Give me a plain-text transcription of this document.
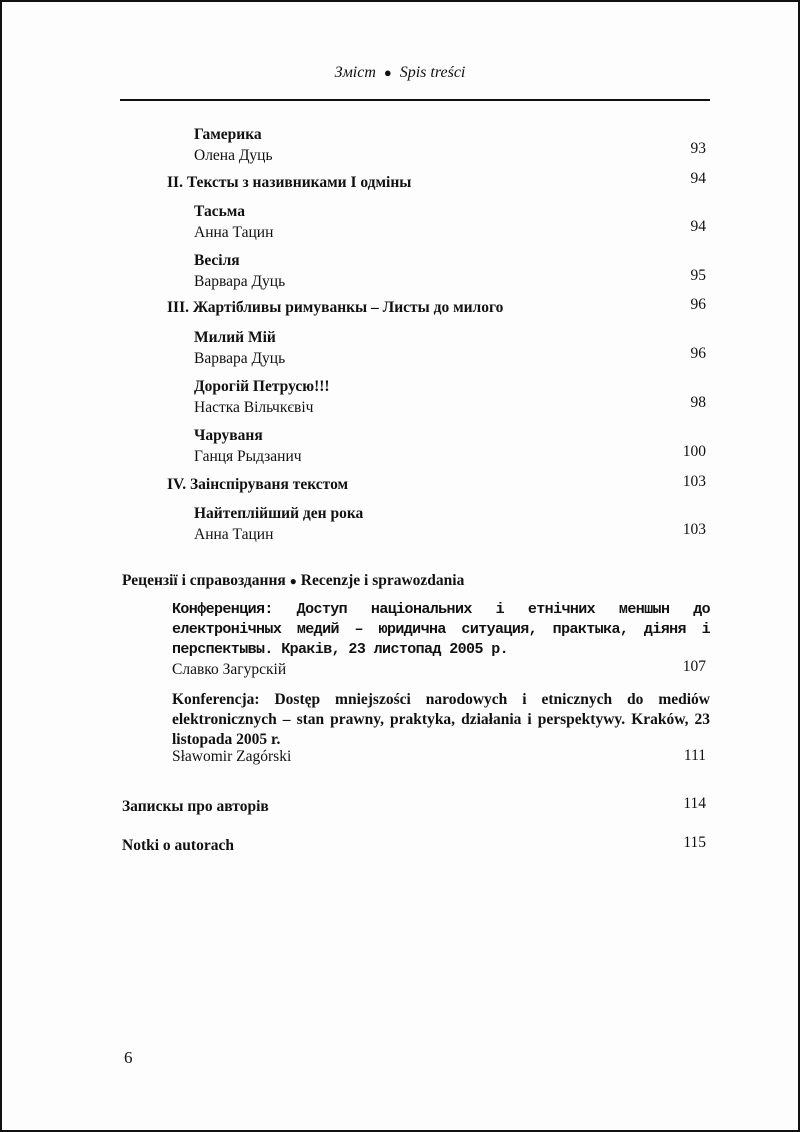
Зміст ● Spis treści
Гамерика
Олена Дуць	93
II. Тексты з називниками I одміны	94
Тасьма
Анна Тацин	94
Весіля
Варвара Дуць	95
III. Жартібливы римуванкы – Листы до милого	96
Милий Мій
Варвара Дуць	96
Дорогій Петрусю!!!
Настка Вільчкєвіч	98
Чаруваня
Ганця Рыдзанич	100
IV. Заінспіруваня текстом	103
Найтеплійший ден рока
Анна Тацин	103
Рецензії і справоздання ● Recenzje i sprawozdania
Конференция: Доступ національних і етнічних меншын до електронічных медий – юридична ситуация, практыка, діяня і перспектывы. Краків, 23 листопад 2005 р.
Славко Загурскій	107
Konferencja: Dostęp mniejszości narodowych i etnicznych do mediów elektronicznych – stan prawny, praktyka, działania i perspektywy. Kraków, 23 listopada 2005 r.
Sławomir Zagórski	111
Запискы про авторів	114
Notki o autorach	115
6
